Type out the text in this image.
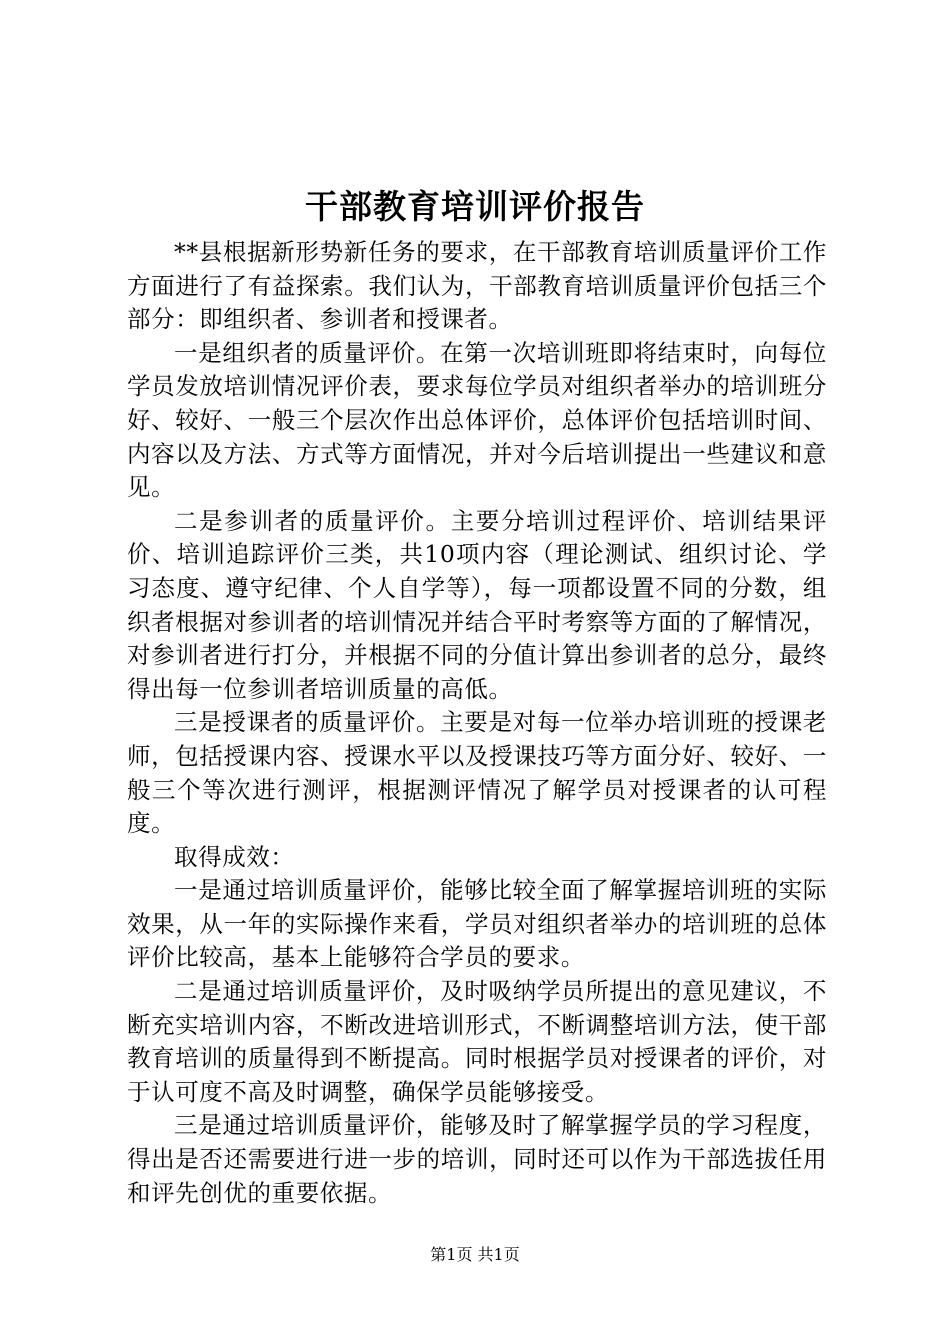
干部教育培训评价报告

**县根据新形势新任务的要求，在干部教育培训质量评价工作方面进行了有益探索。我们认为，干部教育培训质量评价包括三个部分：即组织者、参训者和授课者。

一是组织者的质量评价。在第一次培训班即将结束时，向每位学员发放培训情况评价表，要求每位学员对组织者举办的培训班分好、较好、一般三个层次作出总体评价，总体评价包括培训时间、内容以及方法、方式等方面情况，并对今后培训提出一些建议和意见。

二是参训者的质量评价。主要分培训过程评价、培训结果评价、培训追踪评价三类，共10项内容（理论测试、组织讨论、学习态度、遵守纪律、个人自学等），每一项都设置不同的分数，组织者根据对参训者的培训情况并结合平时考察等方面的了解情况，对参训者进行打分，并根据不同的分值计算出参训者的总分，最终得出每一位参训者培训质量的高低。

三是授课者的质量评价。主要是对每一位举办培训班的授课老师，包括授课内容、授课水平以及授课技巧等方面分好、较好、一般三个等次进行测评，根据测评情况了解学员对授课者的认可程度。

取得成效：

一是通过培训质量评价，能够比较全面了解掌握培训班的实际效果，从一年的实际操作来看，学员对组织者举办的培训班的总体评价比较高，基本上能够符合学员的要求。

二是通过培训质量评价，及时吸纳学员所提出的意见建议，不断充实培训内容，不断改进培训形式，不断调整培训方法，使干部教育培训的质量得到不断提高。同时根据学员对授课者的评价，对于认可度不高及时调整，确保学员能够接受。

三是通过培训质量评价，能够及时了解掌握学员的学习程度，得出是否还需要进行进一步的培训，同时还可以作为干部选拔任用和评先创优的重要依据。

第1页 共1页
